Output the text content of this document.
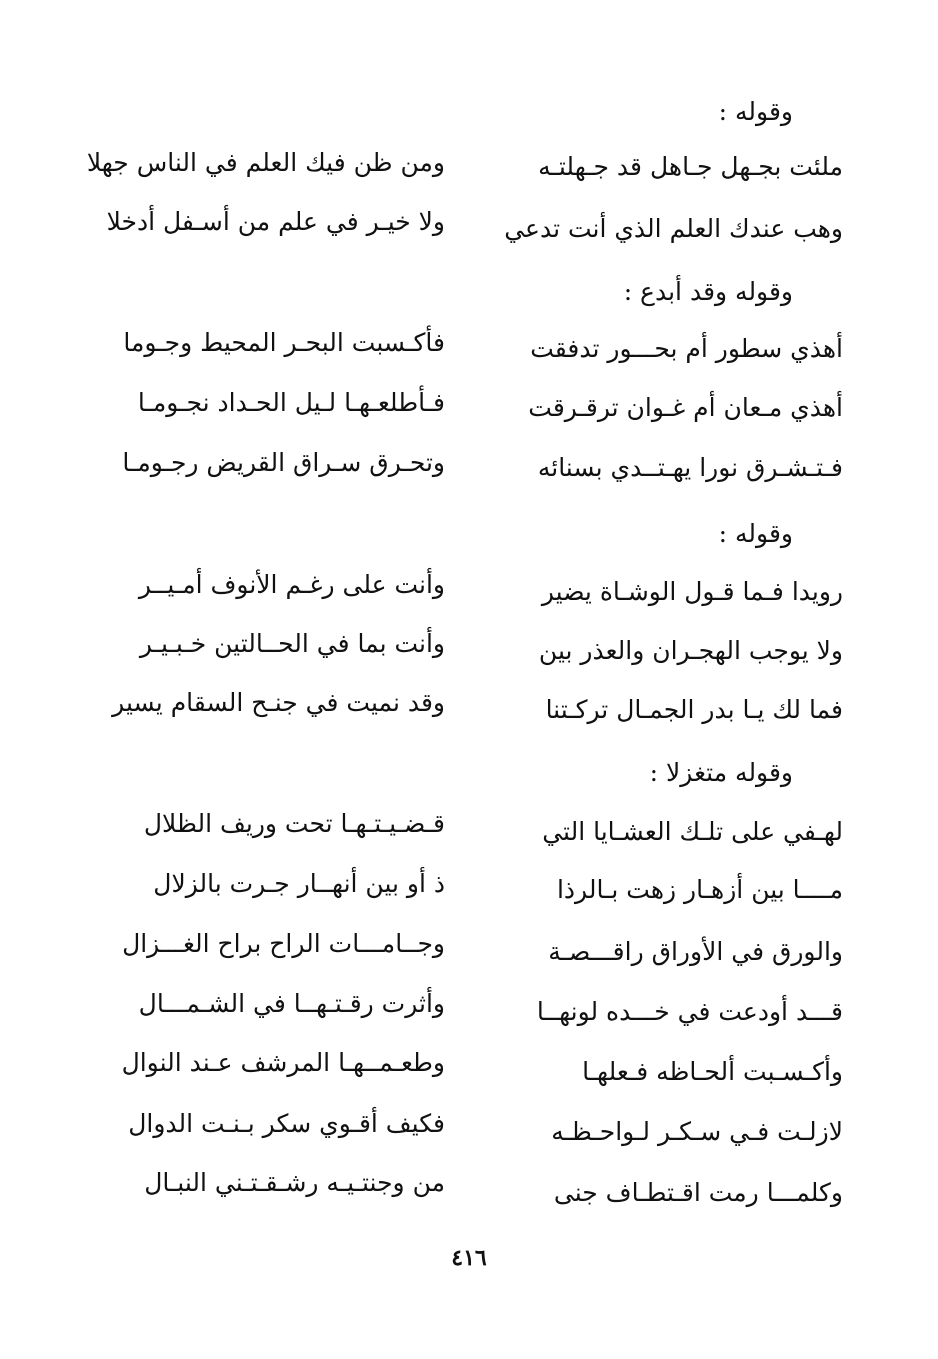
وقوله :
ملئت بجـهل جـاهل قد جـهلتـه
ومن ظن فيك العلم في الناس جهلا
وهب عندك العلم الذي أنت تدعي
ولا خيـر في علم من أسـفل أدخلا
وقوله وقد أبدع :
أهذي سطور أم بحـــور تدفقت
فأكـسبت البحـر المحيط وجـوما
أهذي مـعان أم غـوان ترقـرقت
فـأطلعـهـا لـيل الحـداد نجـومـا
فـتـشـرق نورا يهـتــدي بسنائه
وتحـرق سـراق القريض رجـومـا
وقوله :
رويدا فـما قـول الوشـاة يضير
وأنت على رغـم الأنوف أمـيــر
ولا يوجب الهجـران والعذر بين
وأنت بما في الحــالتين خـبـيـر
فما لك يـا بدر الجمـال تركـتنا
وقد نميت في جنـح السقام يسير
وقوله متغزلا :
لهـفي على تلـك العشـايا التي
قـضـيـتـهـا تحت وريف الظلال
مــــا بين أزهـار زهت بـالرذا
ذ أو بين أنهــار جـرت بالزلال
والورق في الأوراق راقـــصـة
وجــامـــات الراح براح الغـــزال
قـــد أودعت في خـــده لونهــا
وأثرت رقـتـهــا في الشـمـــال
وأكـسـبت ألحـاظه فـعلهـا
وطعـمــهـا المرشف عـند النوال
لازلـت فـي سـكـر لـواحـظـه
فكيف أقـوي سكر بـنـت الدوال
وكلمـــا رمت اقـتطـاف جنى
من وجنتـيـه رشـقـتـني النبـال
٤١٦
